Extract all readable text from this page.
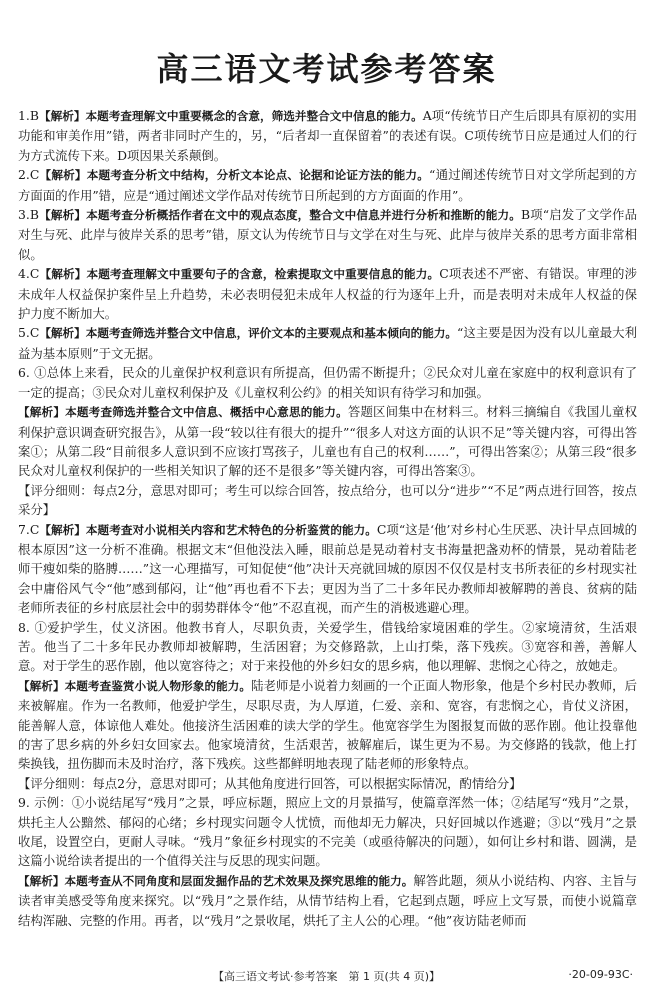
高三语文考试参考答案

1.B【解析】本题考查理解文中重要概念的含意，筛选并整合文中信息的能力。A项“传统节日产生后即具有原初的实用功能和审美作用”错，两者非同时产生的，另，“后者却一直保留着”的表述有误。C项传统节日应是通过人们的行为方式流传下来。D项因果关系颠倒。

2.C【解析】本题考查分析文中结构，分析文本论点、论据和论证方法的能力。“通过阐述传统节日对文学所起到的方方面面的作用”错，应是“通过阐述文学作品对传统节日所起到的方方面面的作用”。

3.B【解析】本题考查分析概括作者在文中的观点态度，整合文中信息并进行分析和推断的能力。B项“启发了文学作品对生与死、此岸与彼岸关系的思考”错，原文认为传统节日与文学在对生与死、此岸与彼岸关系的思考方面非常相似。

4.C【解析】本题考查理解文中重要句子的含意，检索提取文中重要信息的能力。C项表述不严密、有错误。审理的涉未成年人权益保护案件呈上升趋势，未必表明侵犯未成年人权益的行为逐年上升，而是表明对未成年人权益的保护力度不断加大。

5.C【解析】本题考查筛选并整合文中信息，评价文本的主要观点和基本倾向的能力。“这主要是因为没有以儿童最大利益为基本原则”于文无据。

6. ①总体上来看，民众的儿童保护权利意识有所提高，但仍需不断提升；②民众对儿童在家庭中的权利意识有了一定的提高；③民众对儿童权利保护及《儿童权利公约》的相关知识有待学习和加强。

【解析】本题考查筛选并整合文中信息、概括中心意思的能力。答题区间集中在材料三。材料三摘编自《我国儿童权利保护意识调查研究报告》，从第一段“较以往有很大的提升”“很多人对这方面的认识不足”等关键内容，可得出答案①；从第二段“目前很多人意识到不应该打骂孩子，儿童也有自己的权利……”，可得出答案②；从第三段“很多民众对儿童权利保护的一些相关知识了解的还不是很多”等关键内容，可得出答案③。

【评分细则：每点2分，意思对即可；考生可以综合回答，按点给分，也可以分“进步”“不足”两点进行回答，按点采分】

7.C【解析】本题考查对小说相关内容和艺术特色的分析鉴赏的能力。C项“这是‘他’对乡村心生厌恶、决计早点回城的根本原因”这一分析不准确。根据文末“但他没法入睡，眼前总是晃动着村支书海量把盏劝杯的情景，晃动着陆老师干瘦如柴的胳膊……”这一心理描写，可知促使“他”决计天亮就回城的原因不仅仅是村支书所表征的乡村现实社会中庸俗风气令“他”感到郁闷，让“他”再也看不下去；更因为当了二十多年民办教师却被解聘的善良、贫病的陆老师所表征的乡村底层社会中的弱势群体令“他”不忍直视，而产生的消极逃避心理。

8. ①爱护学生，仗义济困。他教书育人，尽职负责，关爱学生，借钱给家境困难的学生。②家境清贫，生活艰苦。他当了二十多年民办教师却被解聘，生活困窘；为交修路款，上山打柴，落下残疾。③宽容和善，善解人意。对于学生的恶作剧，他以宽容待之；对于来投他的外乡妇女的思乡病，他以理解、悲悯之心待之，放她走。

【解析】本题考查鉴赏小说人物形象的能力。陆老师是小说着力刻画的一个正面人物形象，他是个乡村民办教师，后来被解雇。作为一名教师，他爱护学生，尽职尽责，为人厚道，仁爱、亲和、宽容，有悲悯之心，肯仗义济困，能善解人意，体谅他人难处。他接济生活困难的读大学的学生。他宽容学生为图报复而做的恶作剧。他让投靠他的害了思乡病的外乡妇女回家去。他家境清贫，生活艰苦，被解雇后，谋生更为不易。为交修路的钱款，他上打柴换钱，扭伤脚而未及时治疗，落下残疾。这些都鲜明地表现了陆老师的形象特点。

【评分细则：每点2分，意思对即可；从其他角度进行回答，可以根据实际情况，酌情给分】

9. 示例：①小说结尾写“残月”之景，呼应标题，照应上文的月景描写，使篇章浑然一体；②结尾写“残月”之景，烘托主人公黯然、郁闷的心绪；乡村现实问题令人忧愤，而他却无力解决，只好回城以作逃避；③以“残月”之景收尾，设置空白，更耐人寻味。“残月”象征乡村现实的不完美（或亟待解决的问题），如何让乡村和谐、圆满，是这篇小说给读者提出的一个值得关注与反思的现实问题。

【解析】本题考查从不同角度和层面发掘作品的艺术效果及探究思维的能力。解答此题，须从小说结构、内容、主旨与读者审美感受等角度来探究。以“残月”之景作结，从情节结构上看，它起到点题，呼应上文写景，而使小说篇章结构浑融、完整的作用。再者，以“残月”之景收尾，烘托了主人公的心理。“他”夜访陆老师而

【高三语文考试·参考答案　第 1 页(共 4 页)】	·20-09-93C·
